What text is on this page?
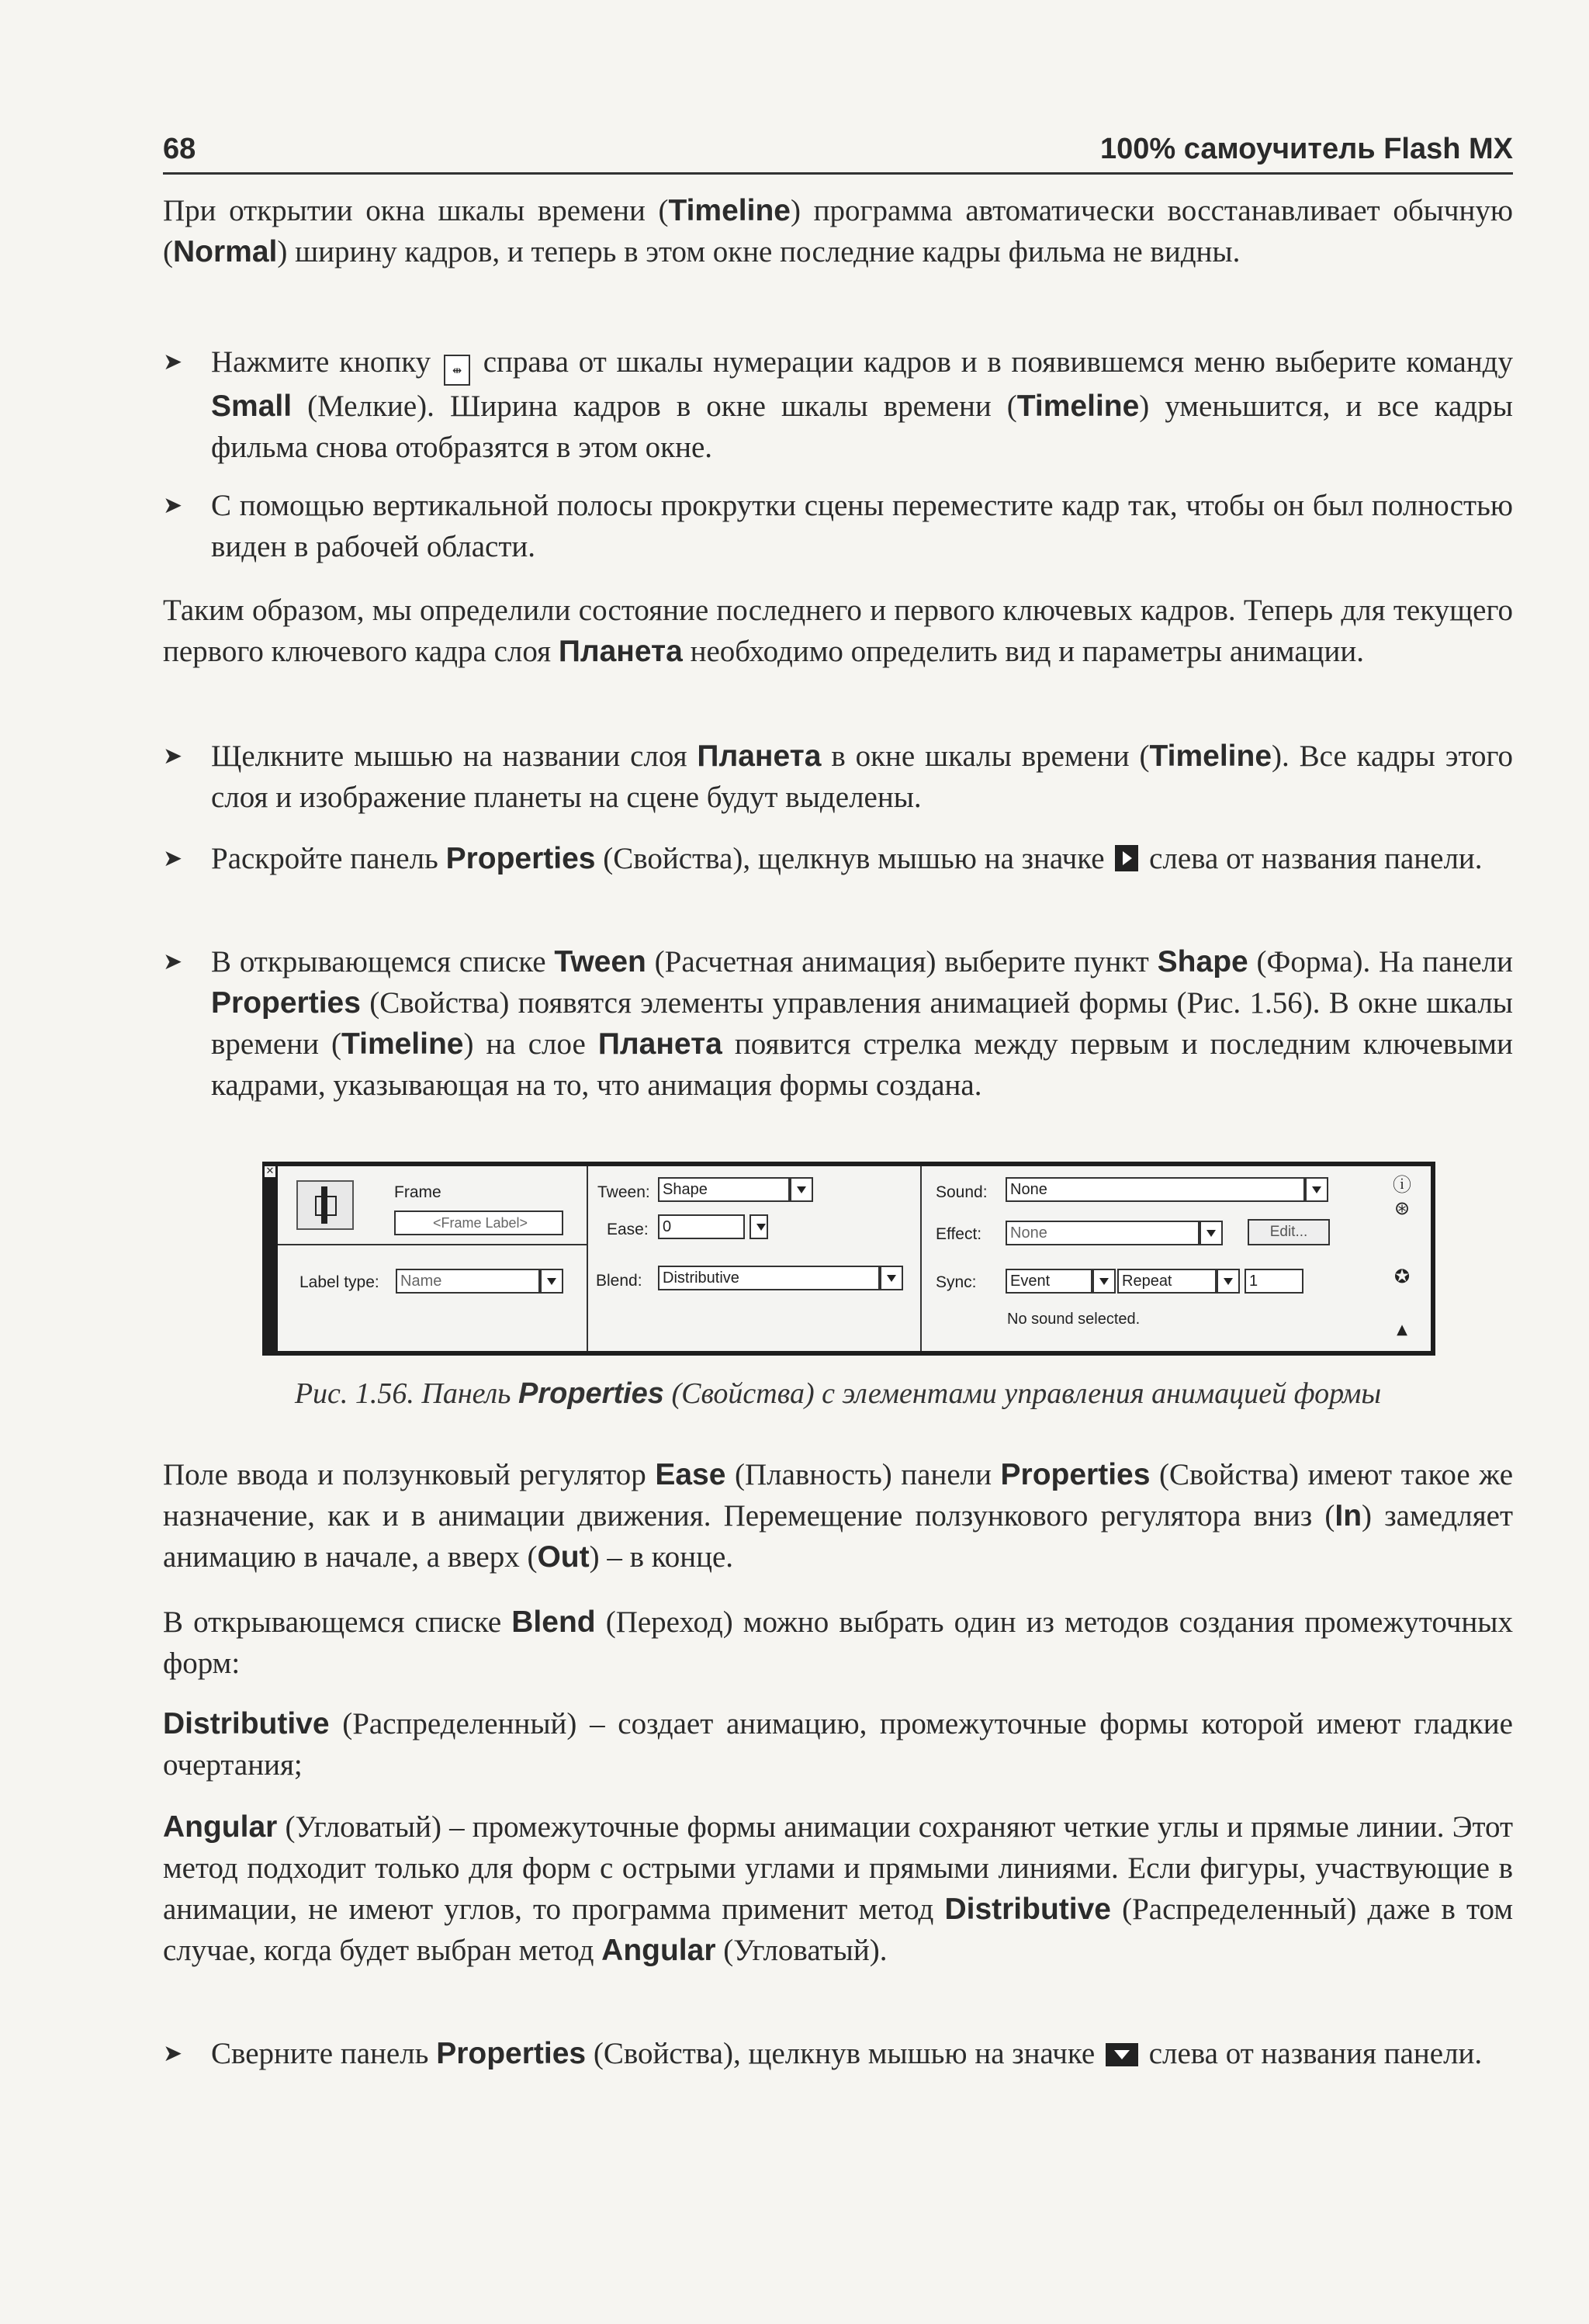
68	100% самоучитель Flash MX

При открытии окна шкалы времени (Timeline) программа автоматически восстанавливает обычную (Normal) ширину кадров, и теперь в этом окне последние кадры фильма не видны.

➤ Нажмите кнопку ⇹ справа от шкалы нумерации кадров и в появившемся меню выберите команду Small (Мелкие). Ширина кадров в окне шкалы времени (Timeline) уменьшится, и все кадры фильма снова отобразятся в этом окне.
➤ С помощью вертикальной полосы прокрутки сцены переместите кадр так, чтобы он был полностью виден в рабочей области.

Таким образом, мы определили состояние последнего и первого ключевых кадров. Теперь для текущего первого ключевого кадра слоя Планета необходимо определить вид и параметры анимации.

➤ Щелкните мышью на названии слоя Планета в окне шкалы времени (Timeline). Все кадры этого слоя и изображение планеты на сцене будут выделены.
➤ Раскройте панель Properties (Свойства), щелкнув мышью на значке слева от названия панели.
➤ В открывающемся списке Tween (Расчетная анимация) выберите пункт Shape (Форма). На панели Properties (Свойства) появятся элементы управления анимацией формы (Рис. 1.56). В окне шкалы времени (Timeline) на слое Планета появится стрелка между первым и последним ключевыми кадрами, указывающая на то, что анимация формы создана.
✕
Frame
<Frame Label>
Label type:	Name
Tween: Shape
Ease: 0
Blend:	Distributive
Sound:	None
Effect:	None	Edit...
Sync:	Event	Repeat	1
No sound selected.
ⓘ
⊛
✪
▲
Рис. 1.56. Панель Properties (Свойства) с элементами управления анимацией формы

Поле ввода и ползунковый регулятор Ease (Плавность) панели Properties (Свойства) имеют такое же назначение, как и в анимации движения. Перемещение ползункового регулятора вниз (In) замедляет анимацию в начале, а вверх (Out) – в конце.

В открывающемся списке Blend (Переход) можно выбрать один из методов создания промежуточных форм:

Distributive (Распределенный) – создает анимацию, промежуточные формы которой имеют гладкие очертания;

Angular (Угловатый) – промежуточные формы анимации сохраняют четкие углы и прямые линии. Этот метод подходит только для форм с острыми углами и прямыми линиями. Если фигуры, участвующие в анимации, не имеют углов, то программа применит метод Distributive (Распределенный) даже в том случае, когда будет выбран метод Angular (Угловатый).

➤ Сверните панель Properties (Свойства), щелкнув мышью на значке слева от названия панели.
